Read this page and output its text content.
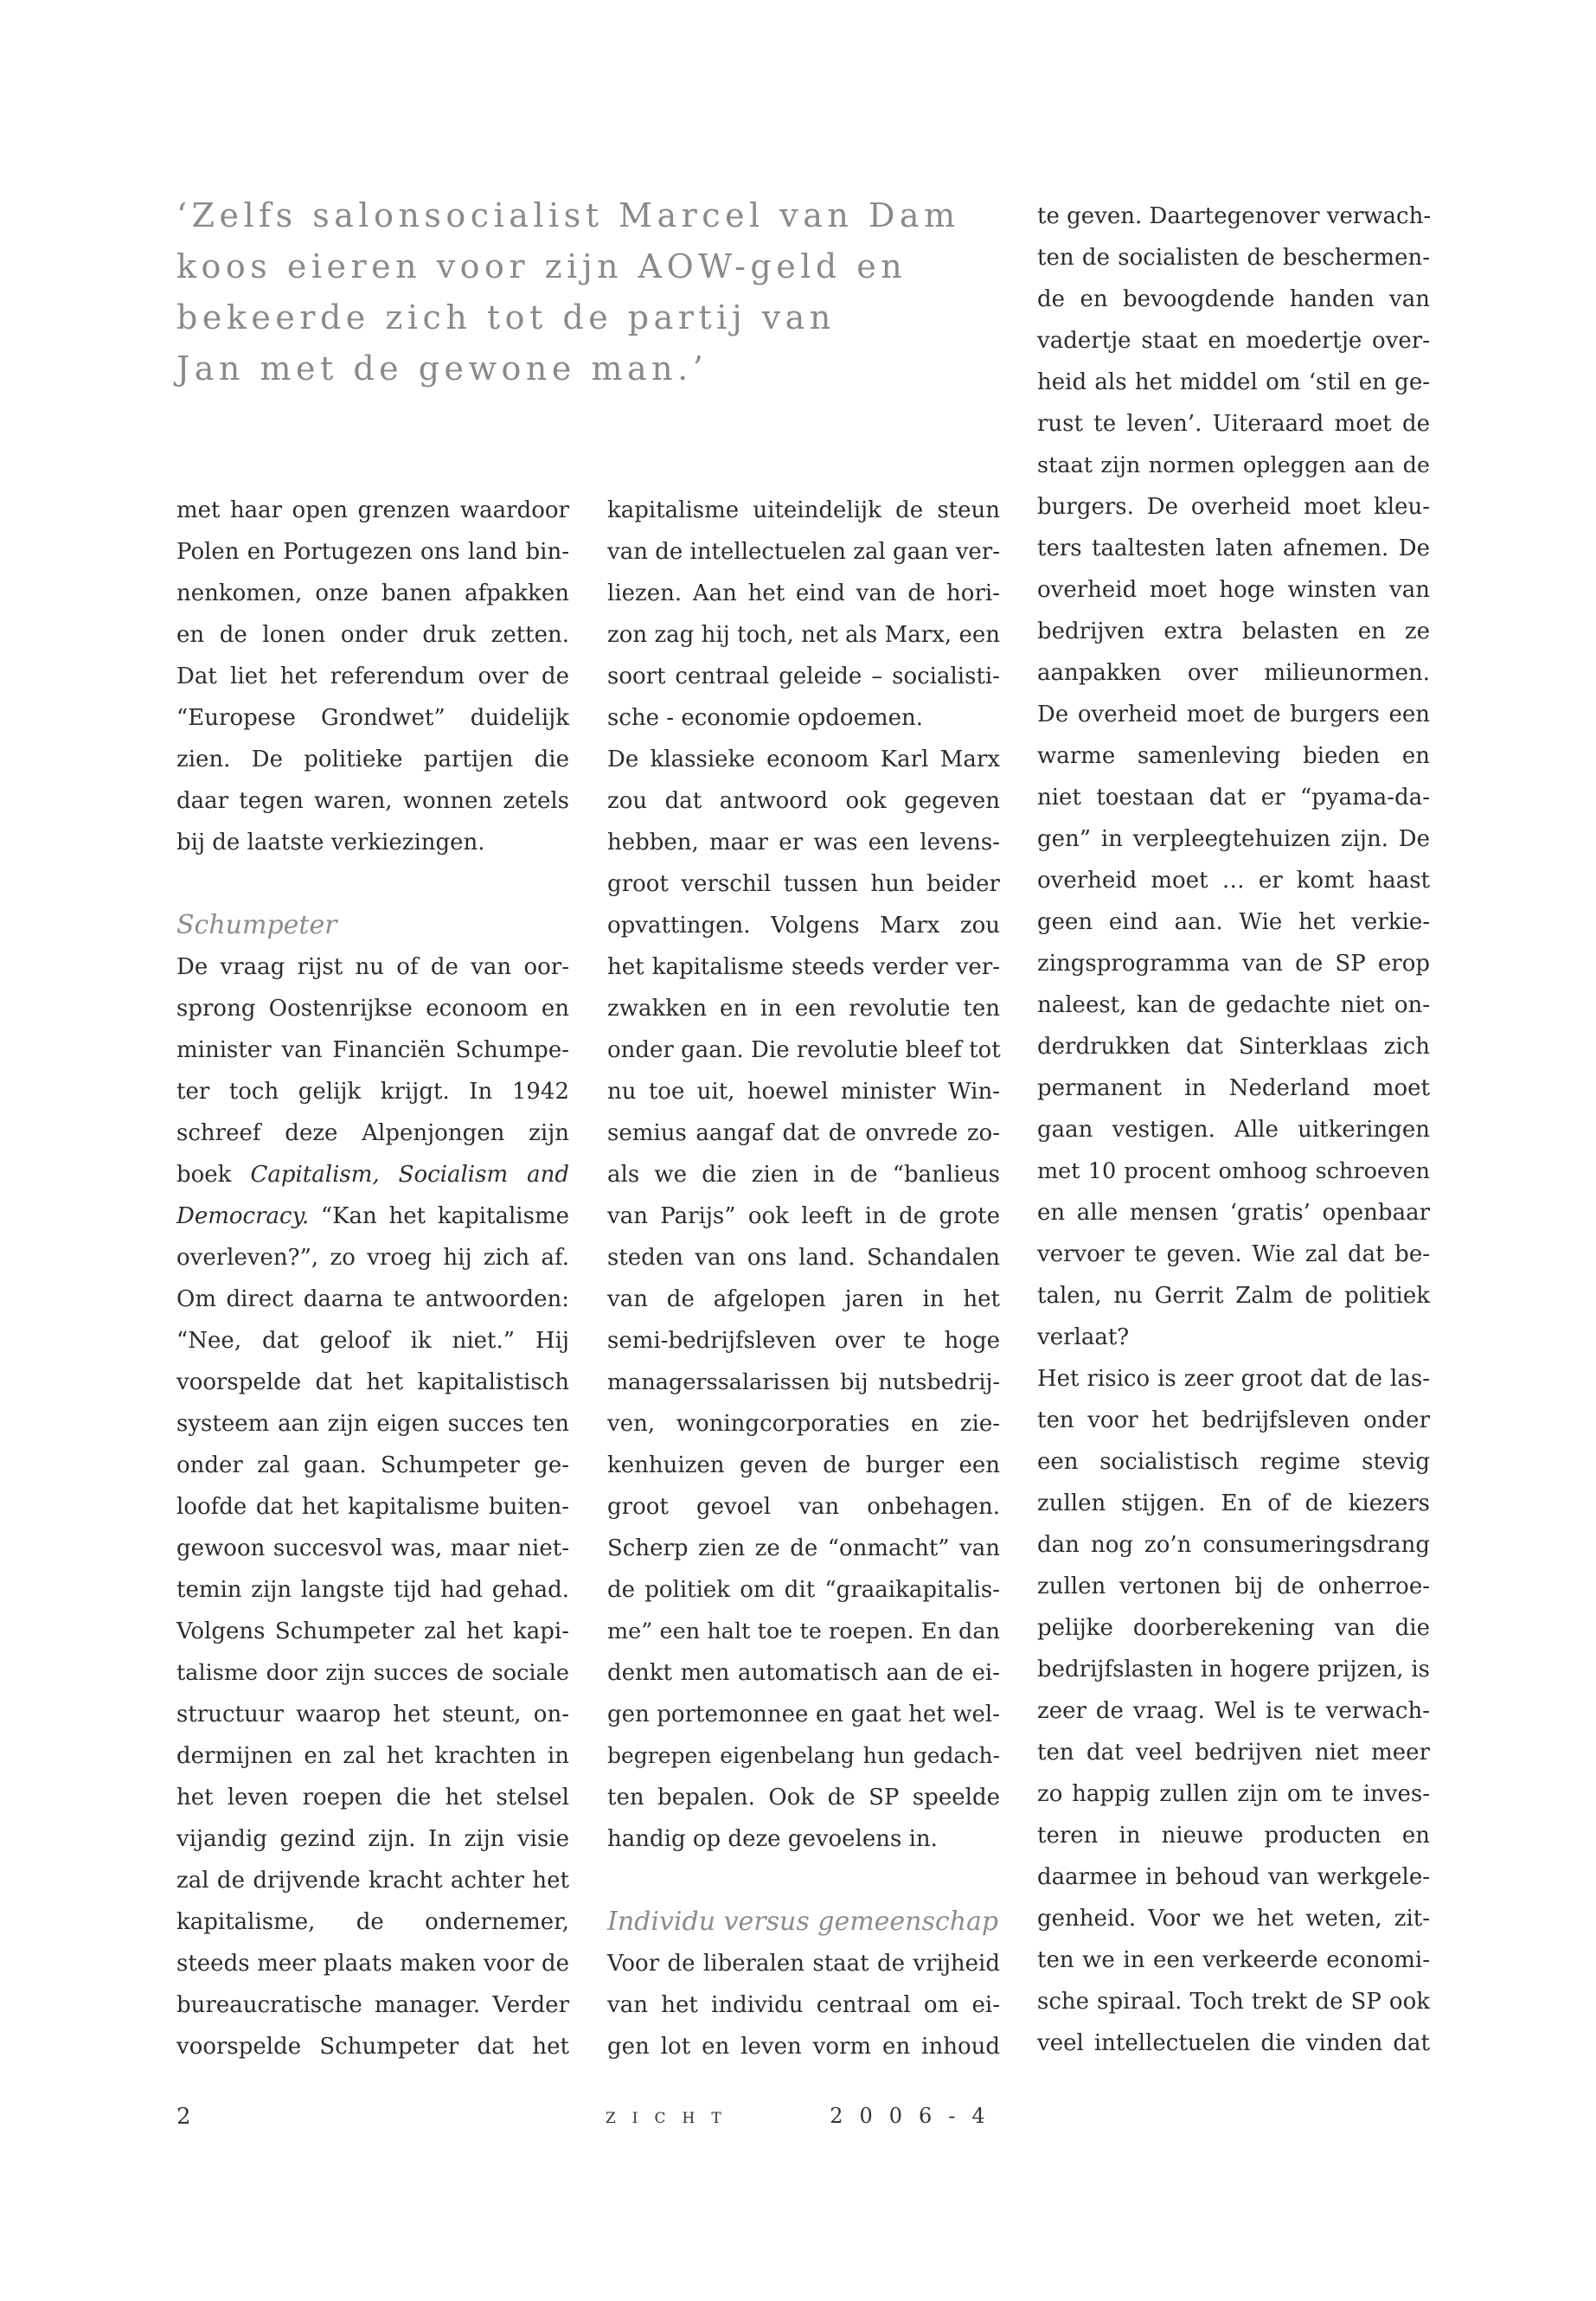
‘Zelfs salonsocialist Marcel van Dam
koos eieren voor zijn AOW-geld en
bekeerde zich tot de partij van
Jan met de gewone man.’
met haar open grenzen waardoor
Polen en Portugezen ons land bin-
nenkomen, onze banen afpakken
en de lonen onder druk zetten.
Dat liet het referendum over de
“Europese Grondwet” duidelijk
zien. De politieke partijen die
daar tegen waren, wonnen zetels
bij de laatste verkiezingen.
Schumpeter
De vraag rijst nu of de van oor-
sprong Oostenrijkse econoom en
minister van Financiën Schumpe-
ter toch gelijk krijgt. In 1942
schreef deze Alpenjongen zijn
boek Capitalism, Socialism and
Democracy. “Kan het kapitalisme
overleven?”, zo vroeg hij zich af.
Om direct daarna te antwoorden:
“Nee, dat geloof ik niet.” Hij
voorspelde dat het kapitalistisch
systeem aan zijn eigen succes ten
onder zal gaan. Schumpeter ge-
loofde dat het kapitalisme buiten-
gewoon succesvol was, maar niet-
temin zijn langste tijd had gehad.
Volgens Schumpeter zal het kapi-
talisme door zijn succes de sociale
structuur waarop het steunt, on-
dermijnen en zal het krachten in
het leven roepen die het stelsel
vijandig gezind zijn. In zijn visie
zal de drijvende kracht achter het
kapitalisme, de ondernemer,
steeds meer plaats maken voor de
bureaucratische manager. Verder
voorspelde Schumpeter dat het
kapitalisme uiteindelijk de steun
van de intellectuelen zal gaan ver-
liezen. Aan het eind van de hori-
zon zag hij toch, net als Marx, een
soort centraal geleide – socialisti-
sche - economie opdoemen.
De klassieke econoom Karl Marx
zou dat antwoord ook gegeven
hebben, maar er was een levens-
groot verschil tussen hun beider
opvattingen. Volgens Marx zou
het kapitalisme steeds verder ver-
zwakken en in een revolutie ten
onder gaan. Die revolutie bleef tot
nu toe uit, hoewel minister Win-
semius aangaf dat de onvrede zo-
als we die zien in de “banlieus
van Parijs” ook leeft in de grote
steden van ons land. Schandalen
van de afgelopen jaren in het
semi-bedrijfsleven over te hoge
managerssalarissen bij nutsbedrij-
ven, woningcorporaties en zie-
kenhuizen geven de burger een
groot gevoel van onbehagen.
Scherp zien ze de “onmacht” van
de politiek om dit “graaikapitalis-
me” een halt toe te roepen. En dan
denkt men automatisch aan de ei-
gen portemonnee en gaat het wel-
begrepen eigenbelang hun gedach-
ten bepalen. Ook de SP speelde
handig op deze gevoelens in.
Individu versus gemeenschap
Voor de liberalen staat de vrijheid
van het individu centraal om ei-
gen lot en leven vorm en inhoud
te geven. Daartegenover verwach-
ten de socialisten de beschermen-
de en bevoogdende handen van
vadertje staat en moedertje over-
heid als het middel om ‘stil en ge-
rust te leven’. Uiteraard moet de
staat zijn normen opleggen aan de
burgers. De overheid moet kleu-
ters taaltesten laten afnemen. De
overheid moet hoge winsten van
bedrijven extra belasten en ze
aanpakken over milieunormen.
De overheid moet de burgers een
warme samenleving bieden en
niet toestaan dat er “pyama-da-
gen” in verpleegtehuizen zijn. De
overheid moet … er komt haast
geen eind aan. Wie het verkie-
zingsprogramma van de SP erop
naleest, kan de gedachte niet on-
derdrukken dat Sinterklaas zich
permanent in Nederland moet
gaan vestigen. Alle uitkeringen
met 10 procent omhoog schroeven
en alle mensen ‘gratis’ openbaar
vervoer te geven. Wie zal dat be-
talen, nu Gerrit Zalm de politiek
verlaat?
Het risico is zeer groot dat de las-
ten voor het bedrijfsleven onder
een socialistisch regime stevig
zullen stijgen. En of de kiezers
dan nog zo’n consumeringsdrang
zullen vertonen bij de onherroe-
pelijke doorberekening van die
bedrijfslasten in hogere prijzen, is
zeer de vraag. Wel is te verwach-
ten dat veel bedrijven niet meer
zo happig zullen zijn om te inves-
teren in nieuwe producten en
daarmee in behoud van werkgele-
genheid. Voor we het weten, zit-
ten we in een verkeerde economi-
sche spiraal. Toch trekt de SP ook
veel intellectuelen die vinden dat
2	zicht	2006-4
